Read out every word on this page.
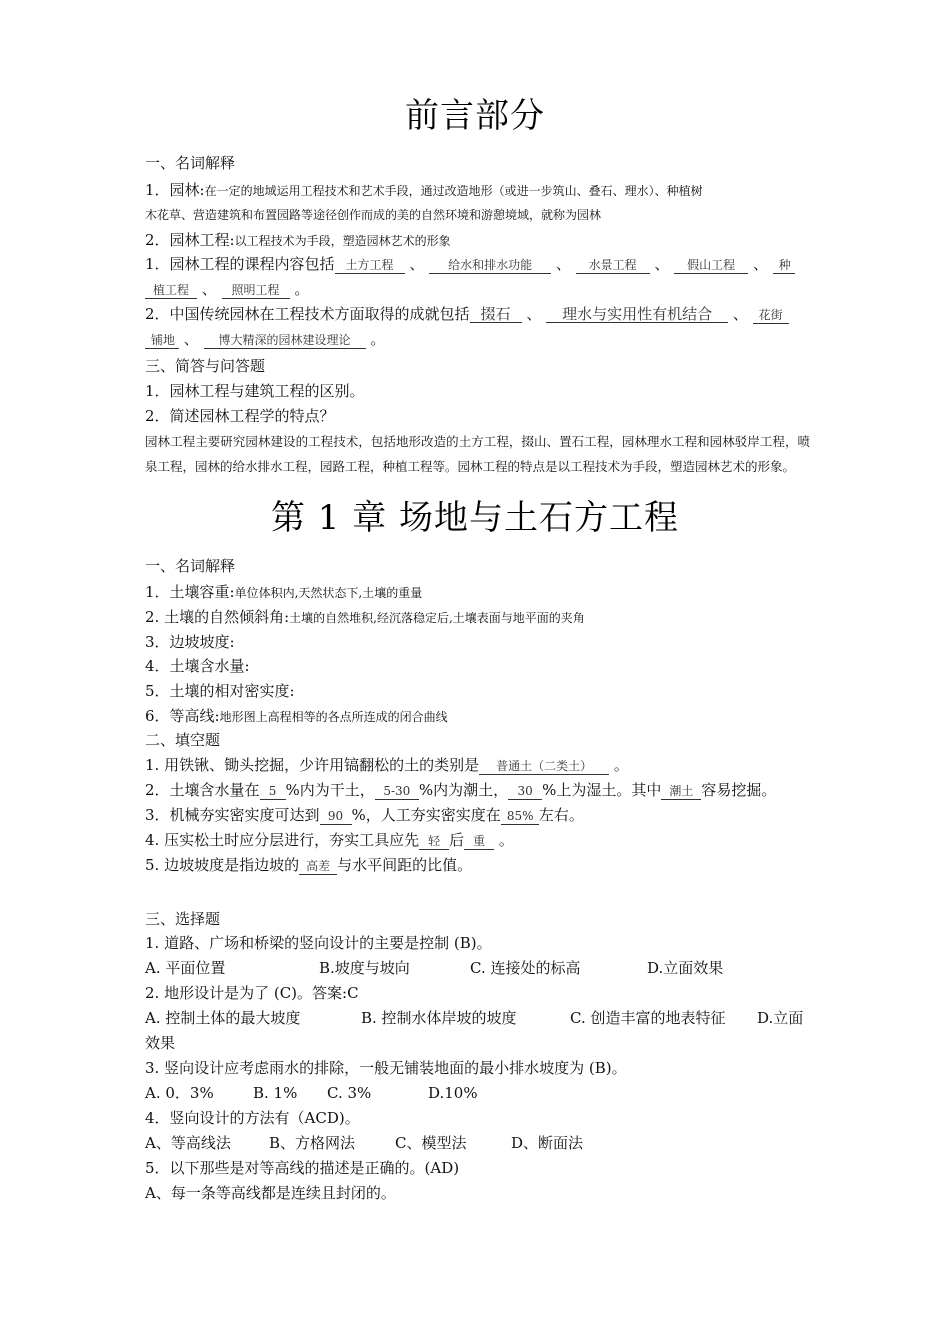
前言部分
一、名词解释
1．园林:在一定的地域运用工程技术和艺术手段，通过改造地形（或进一步筑山、叠石、理水）、种植树
木花草、营造建筑和布置园路等途径创作而成的美的自然环境和游憩境域，就称为园林
2．园林工程:以工程技术为手段，塑造园林艺术的形象
1．园林工程的课程内容包括 土方工程 、 给水和排水功能 、 水景工程 、 假山工程 、 种
植工程 、 照明工程 。
2．中国传统园林在工程技术方面取得的成就包括 掇石 、 理水与实用性有机结合 、 花街
铺地 、 博大精深的园林建设理论 。
三、简答与问答题
1．园林工程与建筑工程的区别。
2．简述园林工程学的特点？
园林工程主要研究园林建设的工程技术，包括地形改造的土方工程，掇山、置石工程，园林理水工程和园林驳岸工程，喷泉工程，园林的给水排水工程，园路工程，种植工程等。园林工程的特点是以工程技术为手段，塑造园林艺术的形象。
第 1 章 场地与土石方工程
一、名词解释
1．土壤容重:单位体积内,天然状态下,土壤的重量
2. 土壤的自然倾斜角:土壤的自然堆积,经沉落稳定后,土壤表面与地平面的夹角
3．边坡坡度:
4．土壤含水量:
5．土壤的相对密实度:
6．等高线:地形图上高程相等的各点所连成的闭合曲线
二、填空题
1. 用铁锹、锄头挖掘，少许用镐翻松的土的类别是 普通土（二类土） 。
2．土壤含水量在 5 %内为干土， 5-30 %内为潮土， 30 %上为湿土。其中 潮土 容易挖掘。
3．机械夯实密实度可达到 90 %，人工夯实密实度在 85% 左右。
4. 压实松土时应分层进行，夯实工具应先 轻 后 重 。
5. 边坡坡度是指边坡的 高差 与水平间距的比值。
三、选择题
1. 道路、广场和桥梁的竖向设计的主要是控制 (B)。
A. 平面位置	B.坡度与坡向	C. 连接处的标高	D.立面效果
2. 地形设计是为了 (C)。答案:C
A. 控制土体的最大坡度	B. 控制水体岸坡的坡度	C. 创造丰富的地表特征 D.立面
效果
3. 竖向设计应考虑雨水的排除，一般无铺装地面的最小排水坡度为 (B)。
A. 0．3%	B. 1% C. 3%	D.10%
4．竖向设计的方法有（ACD)。
A、等高线法	B、方格网法	C、模型法	D、断面法
5．以下那些是对等高线的描述是正确的。(AD)
A、每一条等高线都是连续且封闭的。
